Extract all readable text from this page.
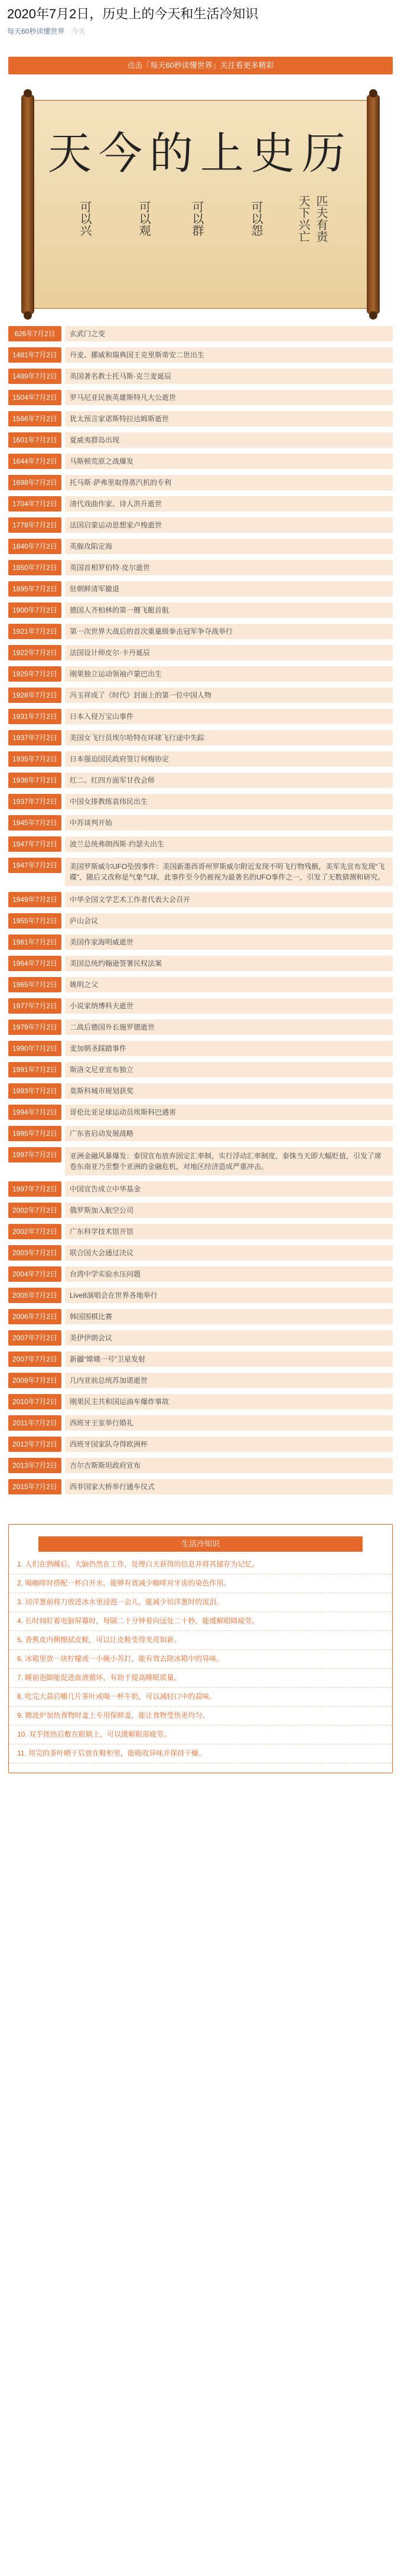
2020年7月2日，历史上的今天和生活冷知识
每天60秒读懂世界 今天
点击「每天60秒读懂世界」关注看更多精彩
天今的上史历
可以兴	可以观	可以群	可以怨	天下兴亡 匹夫有责
626年7月2日	玄武门之变
1481年7月2日	丹麦、挪威和瑞典国王克里斯蒂安二世出生
1489年7月2日	英国著名教士托马斯·克兰麦诞辰
1504年7月2日	罗马尼亚民族英雄斯特凡大公逝世
1566年7月2日	犹太预言家诺斯特拉达姆斯逝世
1601年7月2日	夏威夷群岛出现
1644年7月2日	马斯顿荒原之战爆发
1698年7月2日	托马斯·萨弗里取得蒸汽机的专利
1704年7月2日	清代戏曲作家、诗人洪升逝世
1778年7月2日	法国启蒙运动思想家卢梭逝世
1840年7月2日	英舰攻陷定海
1850年7月2日	英国首相罗伯特·皮尔逝世
1895年7月2日	驻朝鲜清军撤退
1900年7月2日	德国人齐柏林的第一艘飞艇首航
1921年7月2日	第一次世界大战后的首次重量级拳击冠军争夺战举行
1922年7月2日	法国设计师皮尔·卡丹诞辰
1925年7月2日	刚果独立运动领袖卢蒙巴出生
1928年7月2日	冯玉祥成了《时代》封面上的第一位中国人物
1931年7月2日	日本入侵万宝山事件
1937年7月2日	美国女飞行员埃尔哈特在环球飞行途中失踪
1935年7月2日	日本强迫国民政府签订何梅协定
1936年7月2日	红二、红四方面军甘孜会师
1937年7月2日	中国女排教练袁伟民出生
1945年7月2日	中苏谈判开始
1947年7月2日	波兰总统弗朗西斯·约瑟夫出生
1947年7月2日	美国罗斯威尔UFO坠毁事件：美国新墨西哥州罗斯威尔附近发现不明飞行物残骸，美军先宣布发现“飞碟”，随后又改称是气象气球，此事件至今仍被视为最著名的UFO事件之一，引发了无数猜测和研究。
1949年7月2日	中华全国文学艺术工作者代表大会召开
1955年7月2日	庐山会议
1961年7月2日	美国作家海明威逝世
1964年7月2日	美国总统约翰逊签署民权法案
1965年7月2日	姚明之父
1977年7月2日	小说家纳博科夫逝世
1979年7月2日	二战后德国外长施罗德逝世
1990年7月2日	麦加朝圣踩踏事件
1991年7月2日	斯洛文尼亚宣布独立
1993年7月2日	莫斯科城市规划获奖
1994年7月2日	哥伦比亚足球运动员埃斯科巴遇害
1995年7月2日	广东省启动发展战略
1997年7月2日	亚洲金融风暴爆发：泰国宣布放弃固定汇率制，实行浮动汇率制度，泰铢当天即大幅贬值，引发了席卷东南亚乃至整个亚洲的金融危机，对地区经济造成严重冲击。
1997年7月2日	中国宣告成立中华基金
2002年7月2日	俄罗斯加入航空公司
2002年7月2日	广东科学技术馆开馆
2003年7月2日	联合国大会通过决议
2004年7月2日	台湾中学实验水压问题
2005年7月2日	Live8演唱会在世界各地举行
2006年7月2日	韩国围棋比赛
2007年7月2日	美伊伊朗会议
2007年7月2日	新疆“嫦娥一号”卫星发射
2009年7月2日	几内亚前总统苏加诺逝世
2010年7月2日	刚果民主共和国运油车爆炸事故
2011年7月2日	西班牙王室举行婚礼
2012年7月2日	西班牙国家队夺得欧洲杯
2013年7月2日	吉尔吉斯斯坦政府宣布
2015年7月2日	西非国家大桥举行通车仪式
生活冷知识
1. 人们在熟睡后，大脑仍然在工作，处理白天获得的信息并将其储存为记忆。
2. 喝咖啡时搭配一杯白开水，能够有效减少咖啡对牙齿的染色作用。
3. 切洋葱前将刀放进冰水里浸泡一会儿，能减少切洋葱时的流泪。
4. 长时间盯着电脑屏幕时，每隔二十分钟看向远处二十秒，能缓解眼睛疲劳。
5. 香蕉皮内侧擦拭皮鞋，可以让皮鞋变得光亮如新。
6. 冰箱里放一块柠檬或一小碗小苏打，能有效去除冰箱中的异味。
7. 睡前泡脚能促进血液循环，有助于提高睡眠质量。
8. 吃完大蒜后嚼几片茶叶或喝一杯牛奶，可以减轻口中的蒜味。
9. 微波炉加热食物时盖上专用保鲜盖，能让食物受热更均匀。
10. 双手搓热后敷在眼睛上，可以缓解眼部疲劳。
11. 用完的茶叶晒干后放在鞋柜里，能吸收异味并保持干燥。
